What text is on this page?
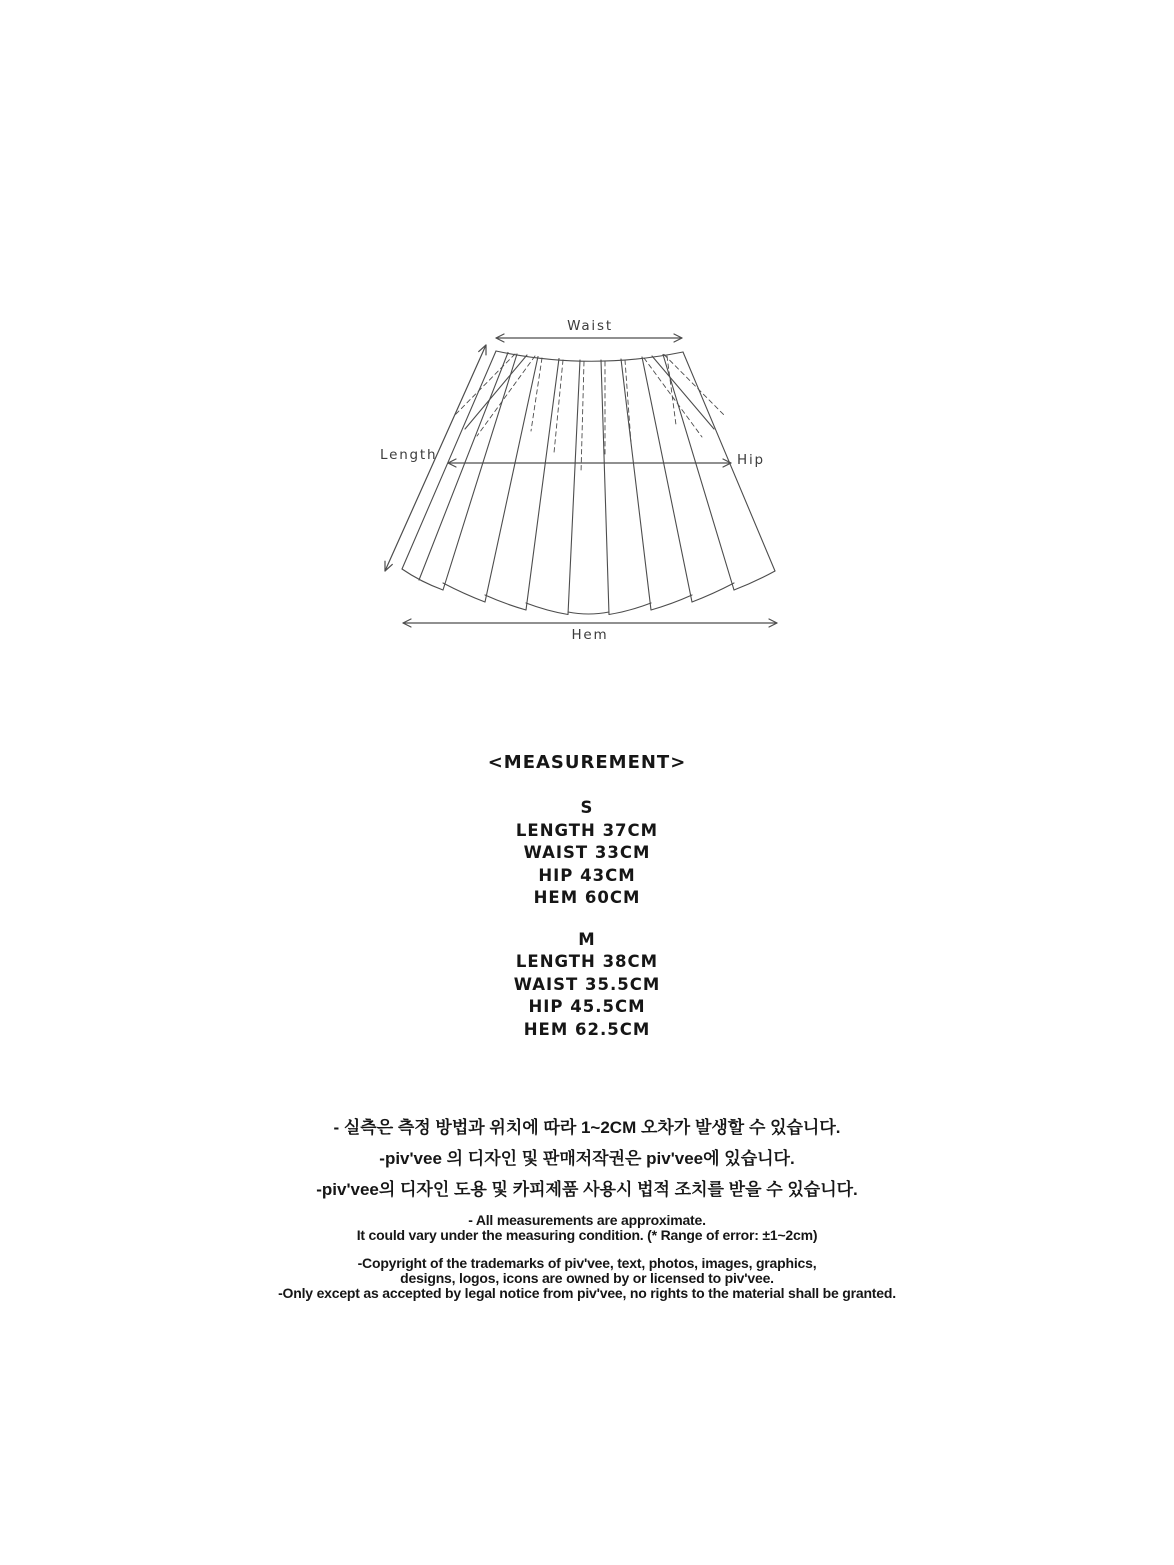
Waist
Length	Hip
Hem
<MEASUREMENT>
S
LENGTH 37CM
WAIST 33CM
HIP 43CM
HEM 60CM
M
LENGTH 38CM
WAIST 35.5CM
HIP 45.5CM
HEM 62.5CM
- 실측은 측정 방법과 위치에 따라 1~2CM 오차가 발생할 수 있습니다.
-piv'vee 의 디자인 및 판매저작권은 piv'vee에 있습니다.
-piv'vee의 디자인 도용 및 카피제품 사용시 법적 조치를 받을 수 있습니다.
- All measurements are approximate.
It could vary under the measuring condition. (* Range of error: ±1~2cm)
-Copyright of the trademarks of piv'vee, text, photos, images, graphics,
designs, logos, icons are owned by or licensed to piv'vee.
-Only except as accepted by legal notice from piv'vee, no rights to the material shall be granted.
